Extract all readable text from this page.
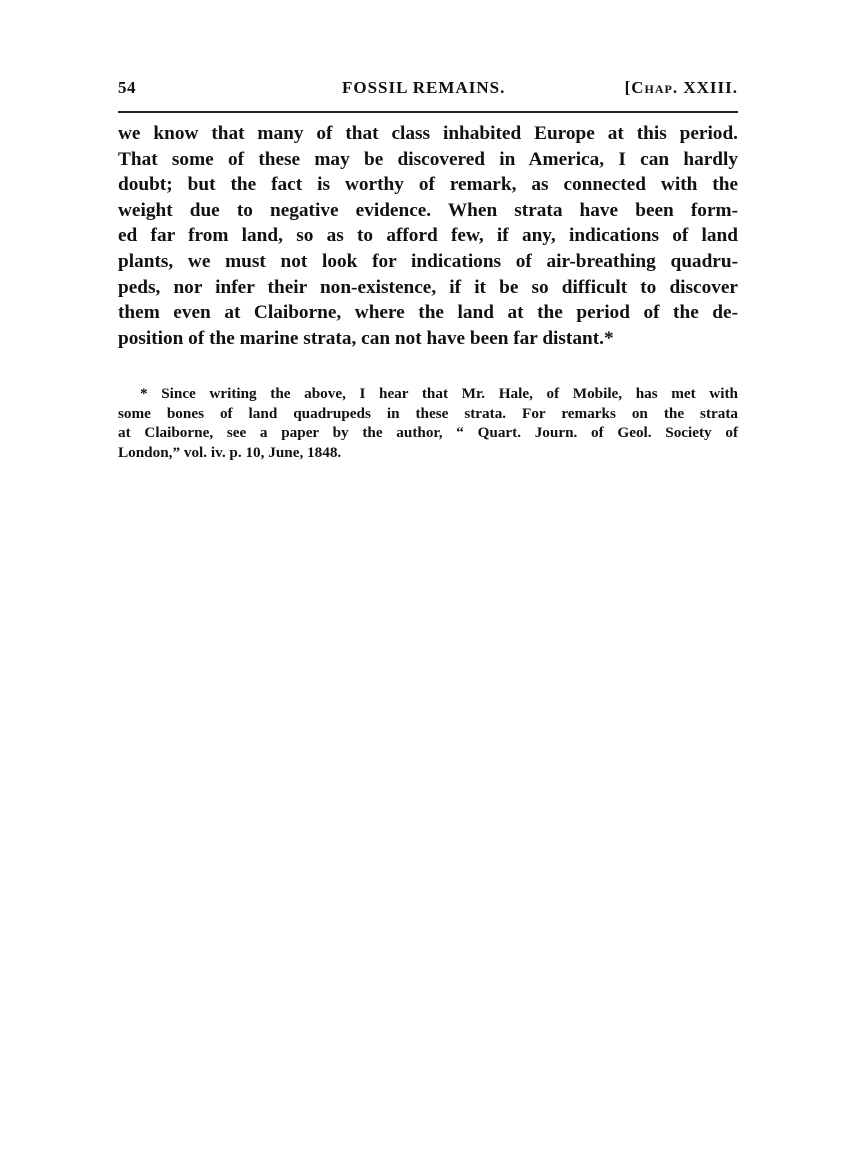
54	FOSSIL REMAINS.	[Chap. XXIII.
we know that many of that class inhabited Europe at this period.
That some of these may be discovered in America, I can hardly
doubt; but the fact is worthy of remark, as connected with the
weight due to negative evidence. When strata have been form-
ed far from land, so as to afford few, if any, indications of land
plants, we must not look for indications of air-breathing quadru-
peds, nor infer their non-existence, if it be so difficult to discover
them even at Claiborne, where the land at the period of the de-
position of the marine strata, can not have been far distant.*
* Since writing the above, I hear that Mr. Hale, of Mobile, has met with
some bones of land quadrupeds in these strata. For remarks on the strata
at Claiborne, see a paper by the author, “ Quart. Journ. of Geol. Society of
London,” vol. iv. p. 10, June, 1848.
